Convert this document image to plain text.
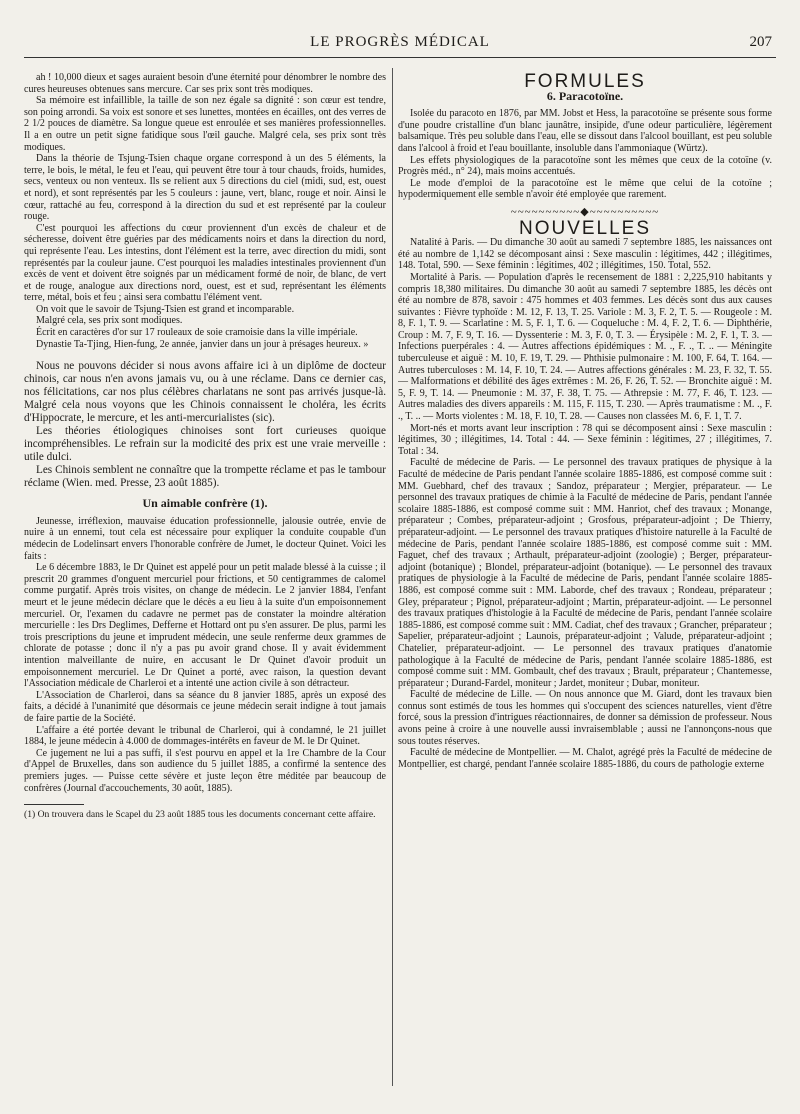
LE PROGRÈS MÉDICAL	207

ah ! 10,000 dieux et sages auraient besoin d'une éternité pour dénombrer le nombre des cures heureuses obtenues sans mercure. Car ses prix sont très modiques.

Sa mémoire est infaillible, la taille de son nez égale sa dignité : son cœur est tendre, son poing arrondi. Sa voix est sonore et ses lunettes, montées en écailles, ont des verres de 2 1/2 pouces de diamètre. Sa longue queue est enroulée et ses manières professionnelles. Il a en outre un petit signe fatidique sous l'œil gauche. Malgré cela, ses prix sont très modiques.

Dans la théorie de Tsjung-Tsien chaque organe correspond à un des 5 éléments, la terre, le bois, le métal, le feu et l'eau, qui peuvent être tour à tour chauds, froids, humides, secs, venteux ou non venteux. Ils se relient aux 5 directions du ciel (midi, sud, est, ouest et nord), et sont représentés par les 5 couleurs : jaune, vert, blanc, rouge et noir. Ainsi le cœur, rattaché au feu, correspond à la direction du sud et est représenté par la couleur rouge.

C'est pourquoi les affections du cœur proviennent d'un excès de chaleur et de sécheresse, doivent être guéries par des médicaments noirs et dans la direction du nord, qui représente l'eau. Les intestins, dont l'élément est la terre, avec direction du midi, sont représentés par la couleur jaune. C'est pourquoi les maladies intestinales proviennent d'un excès de vent et doivent être soignés par un médicament formé de noir, de blanc, de vert et de rouge, analogue aux directions nord, ouest, est et sud, représentant les éléments terre, métal, bois et feu ; ainsi sera combattu l'élément vent.

On voit que le savoir de Tsjung-Tsien est grand et incomparable.

Malgré cela, ses prix sont modiques.

Écrit en caractères d'or sur 17 rouleaux de soie cramoisie dans la ville impériale.

Dynastie Ta-Tjing, Hien-fung, 2e année, janvier dans un jour à présages heureux. »

Nous ne pouvons décider si nous avons affaire ici à un diplôme de docteur chinois, car nous n'en avons jamais vu, ou à une réclame. Dans ce dernier cas, nos félicitations, car nos plus célèbres charlatans ne sont pas arrivés jusque-là. Malgré cela nous voyons que les Chinois connaissent le choléra, les écrits d'Hippocrate, le mercure, et les anti-mercurialistes (sic).

Les théories étiologiques chinoises sont fort curieuses quoique incompréhensibles. Le refrain sur la modicité des prix est une vraie merveille : utile dulci.

Les Chinois semblent ne connaître que la trompette réclame et pas le tambour réclame (Wien. med. Presse, 23 août 1885).

Un aimable confrère (1).

Jeunesse, irréflexion, mauvaise éducation professionnelle, jalousie outrée, envie de nuire à un ennemi, tout cela est nécessaire pour expliquer la conduite coupable d'un médecin de Lodelinsart envers l'honorable confrère de Jumet, le docteur Quinet. Voici les faits :

Le 6 décembre 1883, le Dr Quinet est appelé pour un petit malade blessé à la cuisse ; il prescrit 20 grammes d'onguent mercuriel pour frictions, et 50 centigrammes de calomel comme purgatif. Après trois visites, on change de médecin. Le 2 janvier 1884, l'enfant meurt et le jeune médecin déclare que le décès a eu lieu à la suite d'un empoisonnement mercuriel. Or, l'examen du cadavre ne permet pas de constater la moindre altération mercurielle : les Drs Deglimes, Defferne et Hottard ont pu s'en assurer. De plus, parmi les trois prescriptions du jeune et imprudent médecin, une seule renferme deux grammes de chlorate de potasse ; donc il n'y a pas pu avoir grand chose. Il y avait évidemment intention malveillante de nuire, en accusant le Dr Quinet d'avoir produit un empoisonnement mercuriel. Le Dr Quinet a porté, avec raison, la question devant l'Association médicale de Charleroi et a intenté une action civile à son détracteur.

L'Association de Charleroi, dans sa séance du 8 janvier 1885, après un exposé des faits, a décidé à l'unanimité que désormais ce jeune médecin serait indigne à tout jamais de faire partie de la Société.

L'affaire a été portée devant le tribunal de Charleroi, qui à condamné, le 21 juillet 1884, le jeune médecin à 4.000 de dommages-intérêts en faveur de M. le Dr Quinet.

Ce jugement ne lui a pas suffi, il s'est pourvu en appel et la 1re Chambre de la Cour d'Appel de Bruxelles, dans son audience du 5 juillet 1885, a confirmé la sentence des premiers juges. — Puisse cette sévère et juste leçon être méditée par beaucoup de confrères (Journal d'accouchements, 30 août, 1885).

(1) On trouvera dans le Scapel du 23 août 1885 tous les documents concernant cette affaire.
FORMULES
6. Paracotoïne.

Isolée du paracoto en 1876, par MM. Jobst et Hess, la paracotoïne se présente sous forme d'une poudre cristalline d'un blanc jaunâtre, insipide, d'une odeur particulière, légèrement balsamique. Très peu soluble dans l'eau, elle se dissout dans l'alcool bouillant, est peu soluble dans l'alcool à froid et l'eau bouillante, insoluble dans l'ammoniaque (Würtz).

Les effets physiologiques de la paracotoïne sont les mêmes que ceux de la cotoïne (v. Progrès méd., n° 24), mais moins accentués.

Le mode d'emploi de la paracotoïne est le même que celui de la cotoïne ; hypodermiquement elle semble n'avoir été employée que rarement.

~~~~~~~~~~◆~~~~~~~~~~
NOUVELLES

Natalité à Paris. — Du dimanche 30 août au samedi 7 septembre 1885, les naissances ont été au nombre de 1,142 se décomposant ainsi : Sexe masculin : légitimes, 442 ; illégitimes, 148. Total, 590. — Sexe féminin : légitimes, 402 ; illégitimes, 150. Total, 552.

Mortalité à Paris. — Population d'après le recensement de 1881 : 2,225,910 habitants y compris 18,380 militaires. Du dimanche 30 août au samedi 7 septembre 1885, les décès ont été au nombre de 878, savoir : 475 hommes et 403 femmes. Les décès sont dus aux causes suivantes : Fièvre typhoïde : M. 12, F. 13, T. 25. Variole : M. 3, F. 2, T. 5. — Rougeole : M. 8, F. 1, T. 9. — Scarlatine : M. 5, F. 1, T. 6. — Coqueluche : M. 4, F. 2, T. 6. — Diphthérie, Croup : M. 7, F. 9, T. 16. — Dyssenterie : M. 3, F. 0, T. 3. — Érysipèle : M. 2, F. 1, T. 3. — Infections puerpérales : 4. — Autres affections épidémiques : M. ., F. ., T. .. — Méningite tuberculeuse et aiguë : M. 10, F. 19, T. 29. — Phthisie pulmonaire : M. 100, F. 64, T. 164. — Autres tuberculoses : M. 14, F. 10, T. 24. — Autres affections générales : M. 23, F. 32, T. 55. — Malformations et débilité des âges extrêmes : M. 26, F. 26, T. 52. — Bronchite aiguë : M. 5, F. 9, T. 14. — Pneumonie : M. 37, F. 38, T. 75. — Athrepsie : M. 77, F. 46, T. 123. — Autres maladies des divers appareils : M. 115, F. 115, T. 230. — Après traumatisme : M. ., F. ., T. .. — Morts violentes : M. 18, F. 10, T. 28. — Causes non classées M. 6, F. 1, T. 7.

Mort-nés et morts avant leur inscription : 78 qui se décomposent ainsi : Sexe masculin : légitimes, 30 ; illégitimes, 14. Total : 44. — Sexe féminin : légitimes, 27 ; illégitimes, 7. Total : 34.

Faculté de médecine de Paris. — Le personnel des travaux pratiques de physique à la Faculté de médecine de Paris pendant l'année scolaire 1885-1886, est composé comme suit : MM. Guebhard, chef des travaux ; Sandoz, préparateur ; Mergier, préparateur. — Le personnel des travaux pratiques de chimie à la Faculté de médecine de Paris, pendant l'année scolaire 1885-1886, est composé comme suit : MM. Hanriot, chef des travaux ; Monange, préparateur ; Combes, préparateur-adjoint ; Grosfous, préparateur-adjoint ; De Thierry, préparateur-adjoint. — Le personnel des travaux pratiques d'histoire naturelle à la Faculté de médecine de Paris, pendant l'année scolaire 1885-1886, est composé comme suit : MM. Faguet, chef des travaux ; Arthault, préparateur-adjoint (zoologie) ; Berger, préparateur-adjoint (botanique) ; Blondel, préparateur-adjoint (botanique). — Le personnel des travaux pratiques de physiologie à la Faculté de médecine de Paris, pendant l'année scolaire 1885-1886, est composé comme suit : MM. Laborde, chef des travaux ; Rondeau, préparateur ; Gley, préparateur ; Pignol, préparateur-adjoint ; Martin, préparateur-adjoint. — Le personnel des travaux pratiques d'histologie à la Faculté de médecine de Paris, pendant l'année scolaire 1885-1886, est composé comme suit : MM. Cadiat, chef des travaux ; Grancher, préparateur ; Sapelier, préparateur-adjoint ; Launois, préparateur-adjoint ; Valude, préparateur-adjoint ; Chatelier, préparateur-adjoint. — Le personnel des travaux pratiques d'anatomie pathologique à la Faculté de médecine de Paris, pendant l'année scolaire 1885-1886, est composé comme suit : MM. Gombault, chef des travaux ; Brault, préparateur ; Chantemesse, préparateur ; Durand-Fardel, moniteur ; Jardet, moniteur ; Dubar, moniteur.

Faculté de médecine de Lille. — On nous annonce que M. Giard, dont les travaux bien connus sont estimés de tous les hommes qui s'occupent des sciences naturelles, vient d'être forcé, sous la pression d'intrigues réactionnaires, de donner sa démission de professeur. Nous avons peine à croire à une nouvelle aussi invraisemblable ; aussi ne l'annonçons-nous que sous toutes réserves.

Faculté de médecine de Montpellier. — M. Chalot, agrégé près la Faculté de médecine de Montpellier, est chargé, pendant l'année scolaire 1885-1886, du cours de pathologie externe
